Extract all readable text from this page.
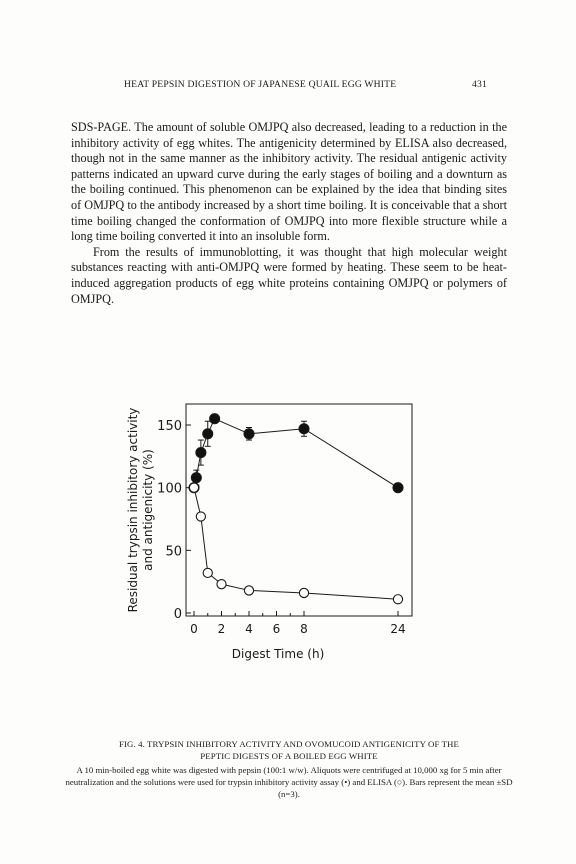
HEAT PEPSIN DIGESTION OF JAPANESE QUAIL EGG WHITE	431

SDS-PAGE. The amount of soluble OMJPQ also decreased, leading to a reduction in the inhibitory activity of egg whites. The antigenicity determined by ELISA also decreased, though not in the same manner as the inhibitory activity. The residual antigenic activity patterns indicated an upward curve during the early stages of boiling and a downturn as the boiling continued. This phenomenon can be explained by the idea that binding sites of OMJPQ to the antibody increased by a short time boiling. It is conceivable that a short time boiling changed the conformation of OMJPQ into more flexible structure while a long time boiling converted it into an insoluble form.

From the results of immunoblotting, it was thought that high molecular weight substances reacting with anti-OMJPQ were formed by heating. These seem to be heat-induced aggregation products of egg white proteins containing OMJPQ or polymers of OMJPQ.

0 2 4 6 8	24
0
50
100
150
Digest Time (h)
Residual trypsin inhibitory activity and antigenicity (%)
FIG. 4. TRYPSIN INHIBITORY ACTIVITY AND OVOMUCOID ANTIGENICITY OF THE
PEPTIC DIGESTS OF A BOILED EGG WHITE
A 10 min-boiled egg white was digested with pepsin (100:1 w/w). Aliquots were centrifuged at 10,000 xg for 5 min after neutralization and the solutions were used for trypsin inhibitory activity assay (•) and ELISA (○). Bars represent the mean ±SD (n=3).
